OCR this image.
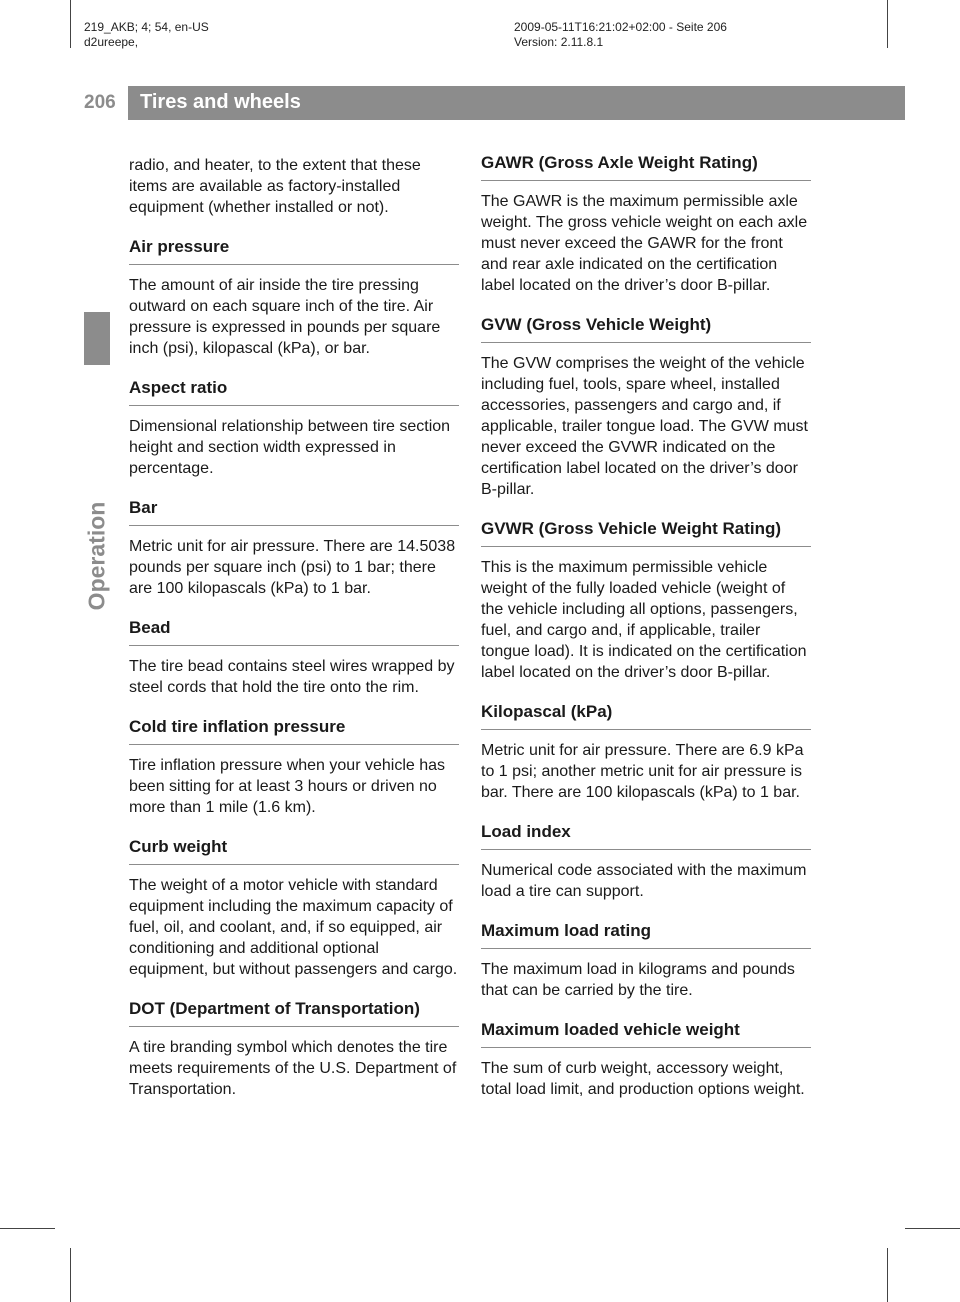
219_AKB; 4; 54, en-US
d2ureepe,
2009-05-11T16:21:02+02:00 - Seite 206
Version: 2.11.8.1
206 Tires and wheels
Operation

radio, and heater, to the extent that these items are available as factory-installed equipment (whether installed or not).

Air pressure

The amount of air inside the tire pressing outward on each square inch of the tire. Air pressure is expressed in pounds per square inch (psi), kilopascal (kPa), or bar.

Aspect ratio

Dimensional relationship between tire section height and section width expressed in percentage.

Bar

Metric unit for air pressure. There are 14.5038 pounds per square inch (psi) to 1 bar; there are 100 kilopascals (kPa) to 1 bar.

Bead

The tire bead contains steel wires wrapped by steel cords that hold the tire onto the rim.

Cold tire inflation pressure

Tire inflation pressure when your vehicle has been sitting for at least 3 hours or driven no more than 1 mile (1.6 km).

Curb weight

The weight of a motor vehicle with standard equipment including the maximum capacity of fuel, oil, and coolant, and, if so equipped, air conditioning and additional optional equipment, but without passengers and cargo.

DOT (Department of Transportation)

A tire branding symbol which denotes the tire meets requirements of the U.S. Department of Transportation.

GAWR (Gross Axle Weight Rating)

The GAWR is the maximum permissible axle weight. The gross vehicle weight on each axle must never exceed the GAWR for the front and rear axle indicated on the certification label located on the driver’s door B-pillar.

GVW (Gross Vehicle Weight)

The GVW comprises the weight of the vehicle including fuel, tools, spare wheel, installed accessories, passengers and cargo and, if applicable, trailer tongue load. The GVW must never exceed the GVWR indicated on the certification label located on the driver’s door B-pillar.

GVWR (Gross Vehicle Weight Rating)

This is the maximum permissible vehicle weight of the fully loaded vehicle (weight of the vehicle including all options, passengers, fuel, and cargo and, if applicable, trailer tongue load). It is indicated on the certification label located on the driver’s door B-pillar.

Kilopascal (kPa)

Metric unit for air pressure. There are 6.9 kPa to 1 psi; another metric unit for air pressure is bar. There are 100 kilopascals (kPa) to 1 bar.

Load index

Numerical code associated with the maximum load a tire can support.

Maximum load rating

The maximum load in kilograms and pounds that can be carried by the tire.

Maximum loaded vehicle weight

The sum of curb weight, accessory weight, total load limit, and production options weight.
